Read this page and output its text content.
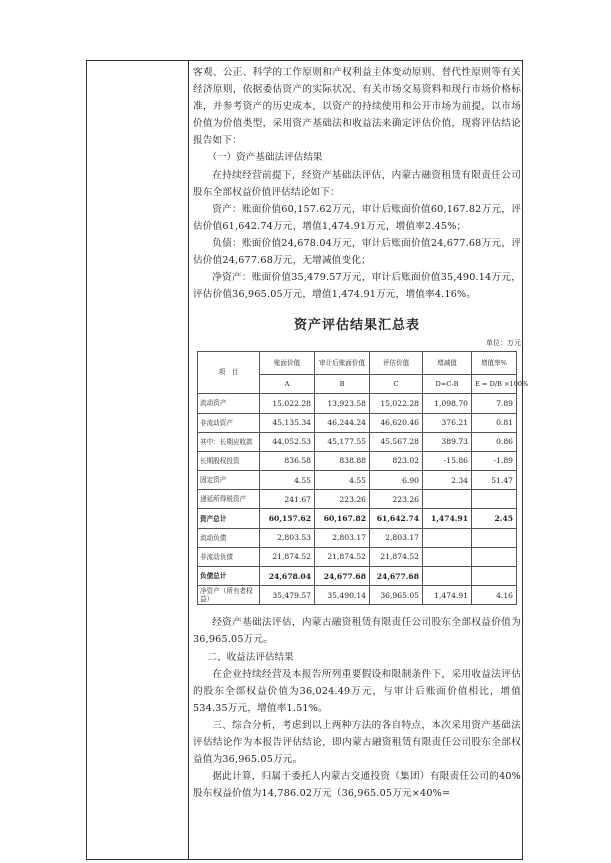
客观、公正、科学的工作原则和产权利益主体变动原则、替代性原则等有关经济原则，依据委估资产的实际状况、有关市场交易资料和现行市场价格标准，并参考资产的历史成本，以资产的持续使用和公开市场为前提，以市场价值为价值类型，采用资产基础法和收益法来确定评估价值，现将评估结论报告如下：

（一）资产基础法评估结果

在持续经营前提下，经资产基础法评估，内蒙古融资租赁有限责任公司股东全部权益价值评估结论如下：

资产：账面价值60,157.62万元，审计后账面价值60,167.82万元，评估价值61,642.74万元，增值1,474.91万元，增值率2.45%；

负债：账面价值24,678.04万元，审计后账面价值24,677.68万元，评估价值24,677.68万元，无增减值变化；

净资产：账面价值35,479.57万元，审计后账面价值35,490.14万元，评估价值36,965.05万元，增值1,474.91万元，增值率4.16%。

资产评估结果汇总表
单位：万元
项　目	账面价值	审计后账面价值	评估价值	增减值	增值率%
	A	B	C	D=C-B	E = D/B ×100%
流动资产	15,022.28	13,923.58	15,022.28	1,098.70	7.89
非流动资产	45,135.34	46,244.24	46,620.46	376.21	0.81
其中：长期应收款	44,052.53	45,177.55	45,567.28	389.73	0.86
长期股权投资	836.58	838.88	823.02	-15.86	-1.89
固定资产	4.55	4.55	6.90	2.34	51.47
递延所得税资产	241.67	223.26	223.26		
资产总计	60,157.62	60,167.82	61,642.74	1,474.91	2.45
流动负债	2,803.53	2,803.17	2,803.17		
非流动负债	21,874.52	21,874.52	21,874.52		
负债总计	24,678.04	24,677.68	24,677.68		
净资产（所有者权益）	35,479.57	35,490.14	36,965.05	1,474.91	4.16

经资产基础法评估，内蒙古融资租赁有限责任公司股东全部权益价值为36,965.05万元。

二、收益法评估结果

在企业持续经营及本报告所列重要假设和限制条件下，采用收益法评估的股东全部权益价值为36,024.49万元，与审计后账面价值相比，增值534.35万元，增值率1.51%。

三、综合分析，考虑到以上两种方法的各自特点，本次采用资产基础法评估结论作为本报告评估结论，即内蒙古融资租赁有限责任公司股东全部权益值为36,965.05万元。

据此计算，归属于委托人内蒙古交通投资（集团）有限责任公司的40%股东权益价值为14,786.02万元（36,965.05万元×40%=
